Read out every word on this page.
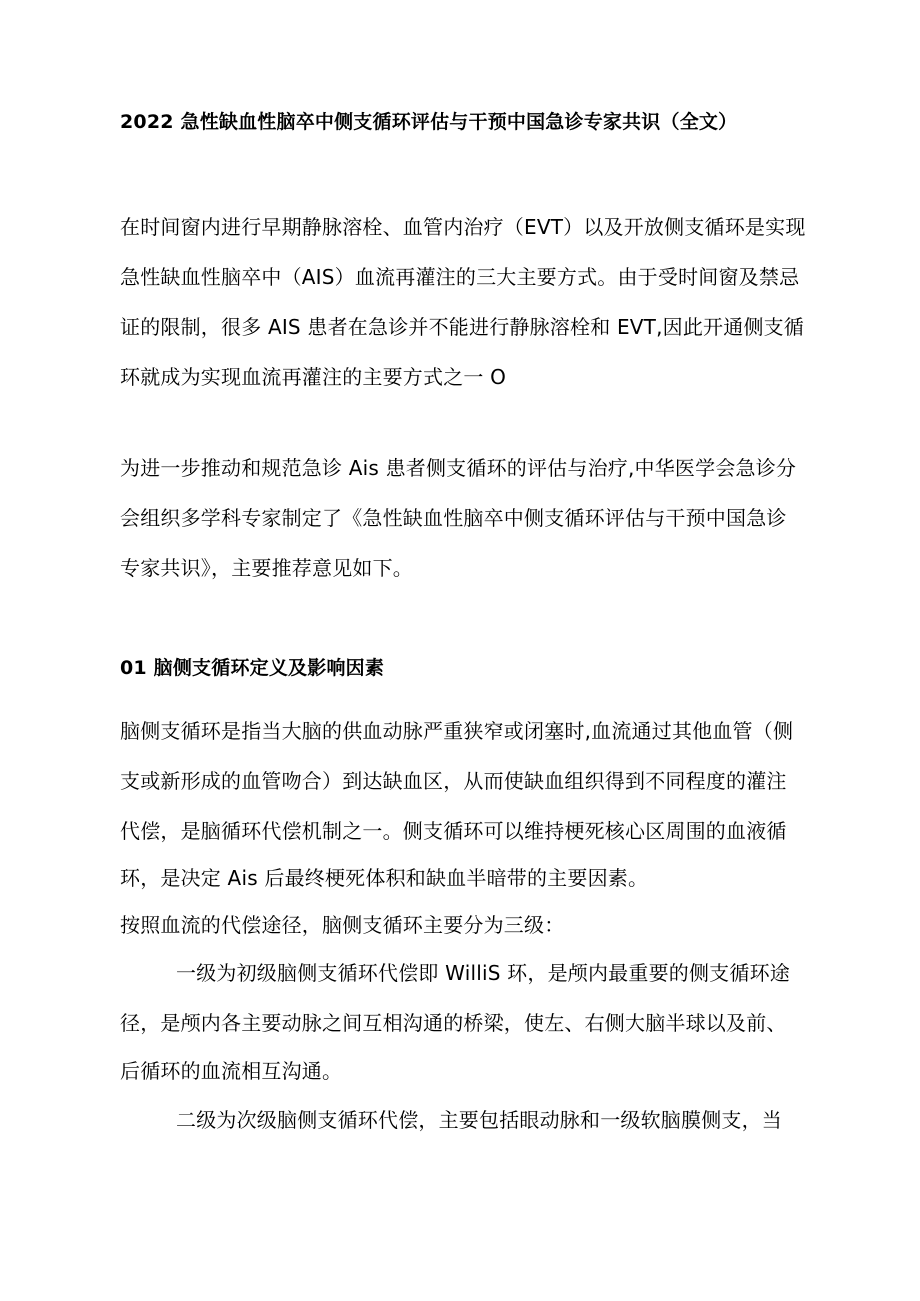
2022 急性缺血性脑卒中侧支循环评估与干预中国急诊专家共识（全文）
在时间窗内进行早期静脉溶栓、血管内治疗（EVT）以及开放侧支循环是实现
急性缺血性脑卒中（AIS）血流再灌注的三大主要方式。由于受时间窗及禁忌
证的限制，很多 AIS 患者在急诊并不能进行静脉溶栓和 EVT,因此开通侧支循
环就成为实现血流再灌注的主要方式之一 O
为进一步推动和规范急诊 Ais 患者侧支循环的评估与治疗,中华医学会急诊分
会组织多学科专家制定了《急性缺血性脑卒中侧支循环评估与干预中国急诊
专家共识》，主要推荐意见如下。
01 脑侧支循环定义及影响因素
脑侧支循环是指当大脑的供血动脉严重狭窄或闭塞时,血流通过其他血管（侧
支或新形成的血管吻合）到达缺血区，从而使缺血组织得到不同程度的灌注
代偿，是脑循环代偿机制之一。侧支循环可以维持梗死核心区周围的血液循
环，是决定 Ais 后最终梗死体积和缺血半暗带的主要因素。
按照血流的代偿途径，脑侧支循环主要分为三级：
一级为初级脑侧支循环代偿即 WilliS 环，是颅内最重要的侧支循环途
径，是颅内各主要动脉之间互相沟通的桥梁，使左、右侧大脑半球以及前、
后循环的血流相互沟通。
二级为次级脑侧支循环代偿，主要包括眼动脉和一级软脑膜侧支，当
